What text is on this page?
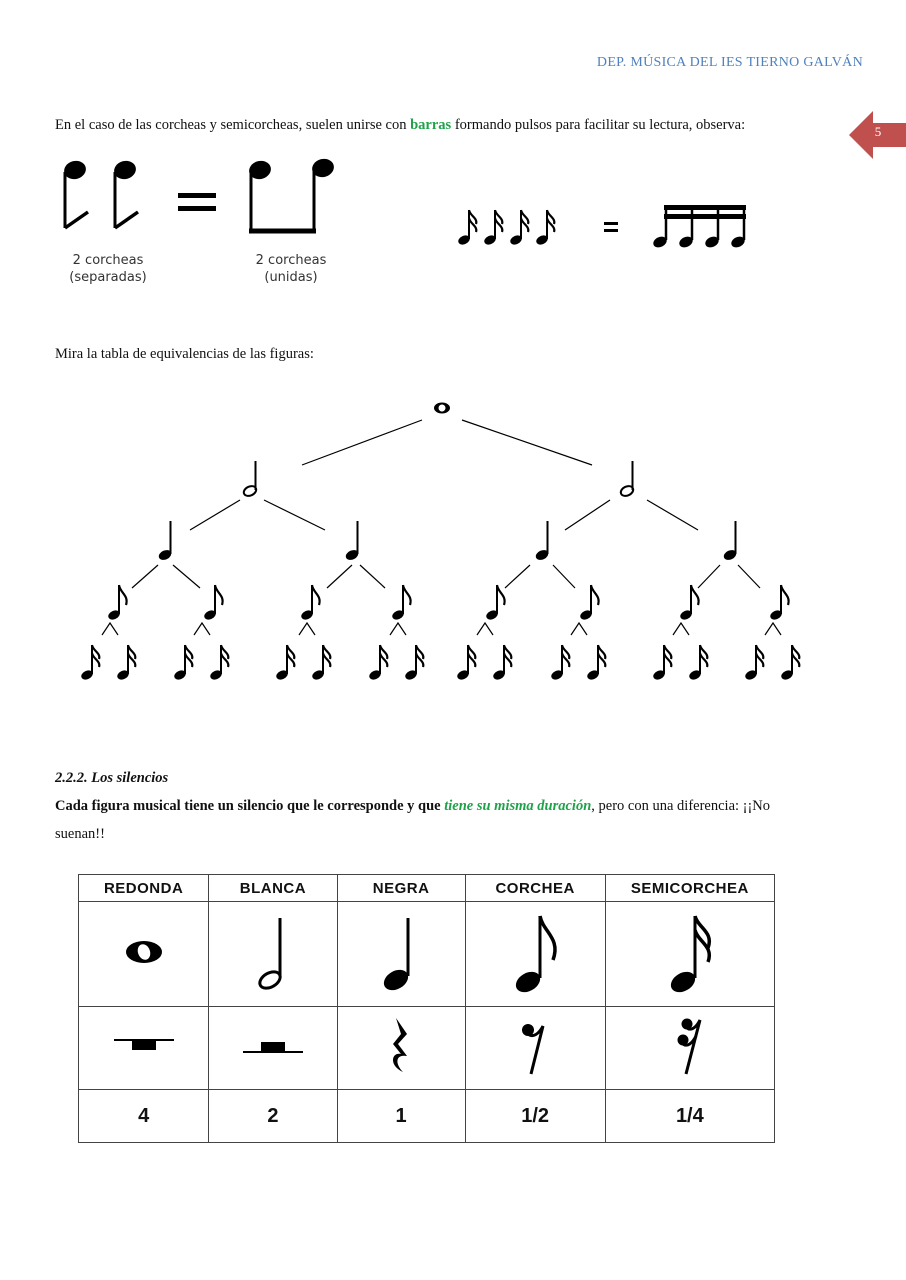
DEP. MÚSICA DEL IES TIERNO GALVÁN
5
En el caso de las corcheas y semicorcheas, suelen unirse con barras formando pulsos para facilitar su lectura, observa:
2 corcheas
(separadas)
2 corcheas
(unidas)
Mira la tabla de equivalencias de las figuras:
2.2.2. Los silencios
Cada figura musical tiene un silencio que le corresponde y que tiene su misma duración, pero con una diferencia: ¡¡No
suenan!!
REDONDA	BLANCA	NEGRA	CORCHEA	SEMICORCHEA

4	2	1	1/2	1/4
